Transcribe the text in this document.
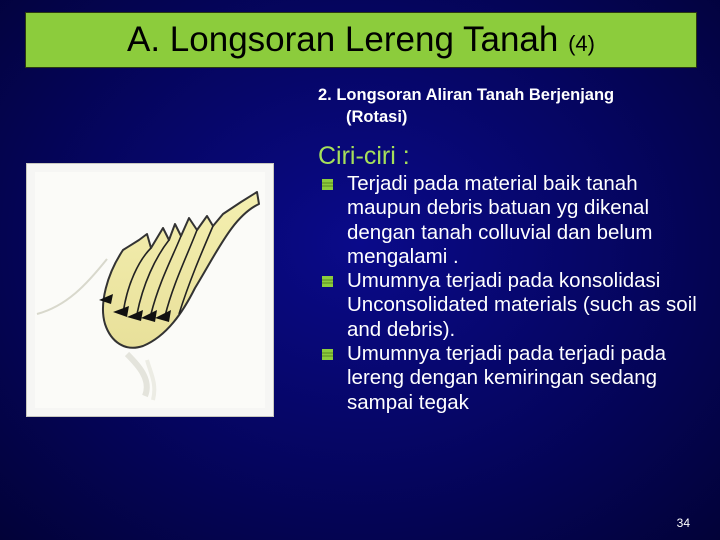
A. Longsoran Lereng Tanah (4)
2. Longsoran Aliran Tanah Berjenjang
(Rotasi)
Ciri-ciri :
Terjadi pada material baik tanah maupun debris batuan yg dikenal dengan tanah colluvial dan belum mengalami .
Umumnya terjadi pada konsolidasi Unconsolidated materials (such as soil and debris).
Umumnya terjadi pada terjadi pada lereng dengan kemiringan sedang sampai tegak
34
